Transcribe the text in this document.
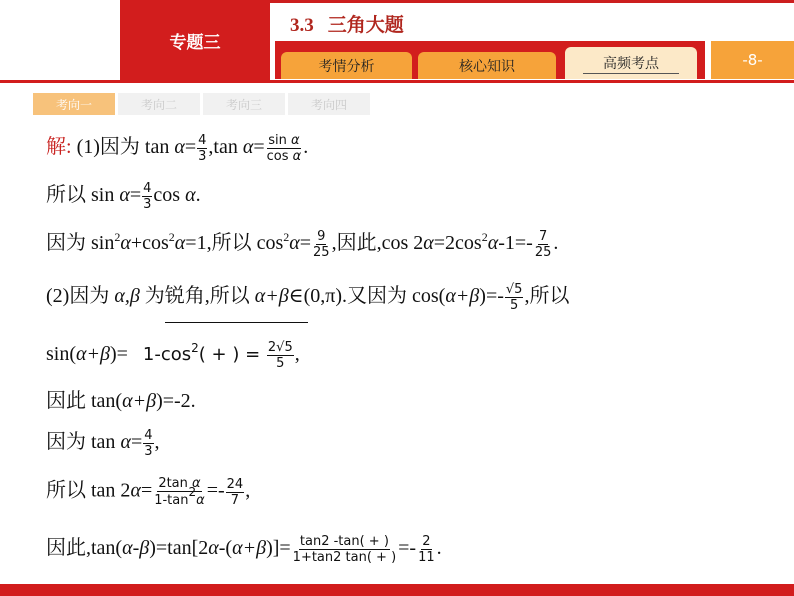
专题三
3.3 三角大题
考情分析	核心知识	高频考点	-8-
考向一	考向二	考向三	考向四
解: (1)因为 $\tan \alpha= \frac{4}{3} ,\tan$ $\alpha= \frac{\text{sin α}}{\text{cos α}}$ .
所以 $\sin \alpha= \frac{4}{3}$ cos α.
因为 $\sin^2\alpha+\cos^2\alpha=1$,所以 $\cos^2\alpha= \frac{9}{25}$ ,因此,cos $2\alpha=2\cos^2\alpha-1=- \frac{7}{25}$ .
(2)因为 α,β 为锐角,所以 α+β∈(0,π).又因为 $\cos(\alpha+\beta)=- \frac{√5}{5}$ ,所以
$\sin(\alpha+\beta)= 1-\cos^2$( + ) = $\frac{2√5}{5}$ ,
因此 tan(α+β)=-2.
因为 $\tan \alpha= \frac{4}{3}$ ,
所以 $\tan 2\alpha= \frac{\text{2tan α}}{1-\tan^2\alpha} =- \frac{24}{7}$ ,
因此$,\tan(\alpha-\beta)=\tan[2\alpha-(\alpha+\beta)]= \frac{\tan 2 -\tan( + )}{1+\tan 2 \tan( + )} =- \frac{2}{11}$ .
